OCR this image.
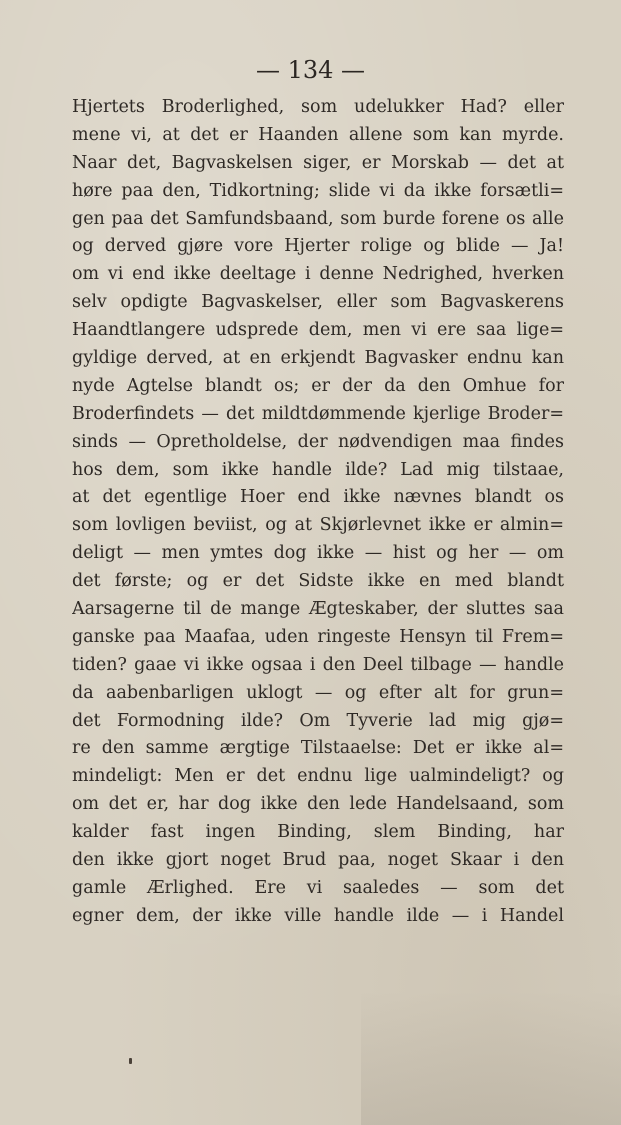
— 134 —
Hjertets Broderlighed, som udelukker Had? eller
mene vi, at det er Haanden allene som kan myrde.
Naar det, Bagvaskelsen siger, er Morskab — det at
høre paa den, Tidkortning; slide vi da ikke forsætli=
gen paa det Samfundsbaand, som burde forene os alle
og derved gjøre vore Hjerter rolige og blide — Ja!
om vi end ikke deeltage i denne Nedrighed, hverken
selv opdigte Bagvaskelser, eller som Bagvaskerens
Haandtlangere udsprede dem, men vi ere saa lige=
gyldige derved, at en erkjendt Bagvasker endnu kan
nyde Agtelse blandt os; er der da den Omhue for
Broderfindets — det mildtdømmende kjerlige Broder=
sinds — Opretholdelse, der nødvendigen maa findes
hos dem, som ikke handle ilde? Lad mig tilstaae,
at det egentlige Hoer end ikke nævnes blandt os
som lovligen beviist, og at Skjørlevnet ikke er almin=
deligt — men ymtes dog ikke — hist og her — om
det første; og er det Sidste ikke en med blandt
Aarsagerne til de mange Ægteskaber, der sluttes saa
ganske paa Maafaa, uden ringeste Hensyn til Frem=
tiden? gaae vi ikke ogsaa i den Deel tilbage — handle
da aabenbarligen uklogt — og efter alt for grun=
det Formodning ilde? Om Tyverie lad mig gjø=
re den samme ærgtige Tilstaaelse: Det er ikke al=
mindeligt: Men er det endnu lige ualmindeligt? og
om det er, har dog ikke den lede Handelsaand, som
kalder fast ingen Binding, slem Binding, har
den ikke gjort noget Brud paa, noget Skaar i den
gamle Ærlighed. Ere vi saaledes — som det
egner dem, der ikke ville handle ilde — i Handel
